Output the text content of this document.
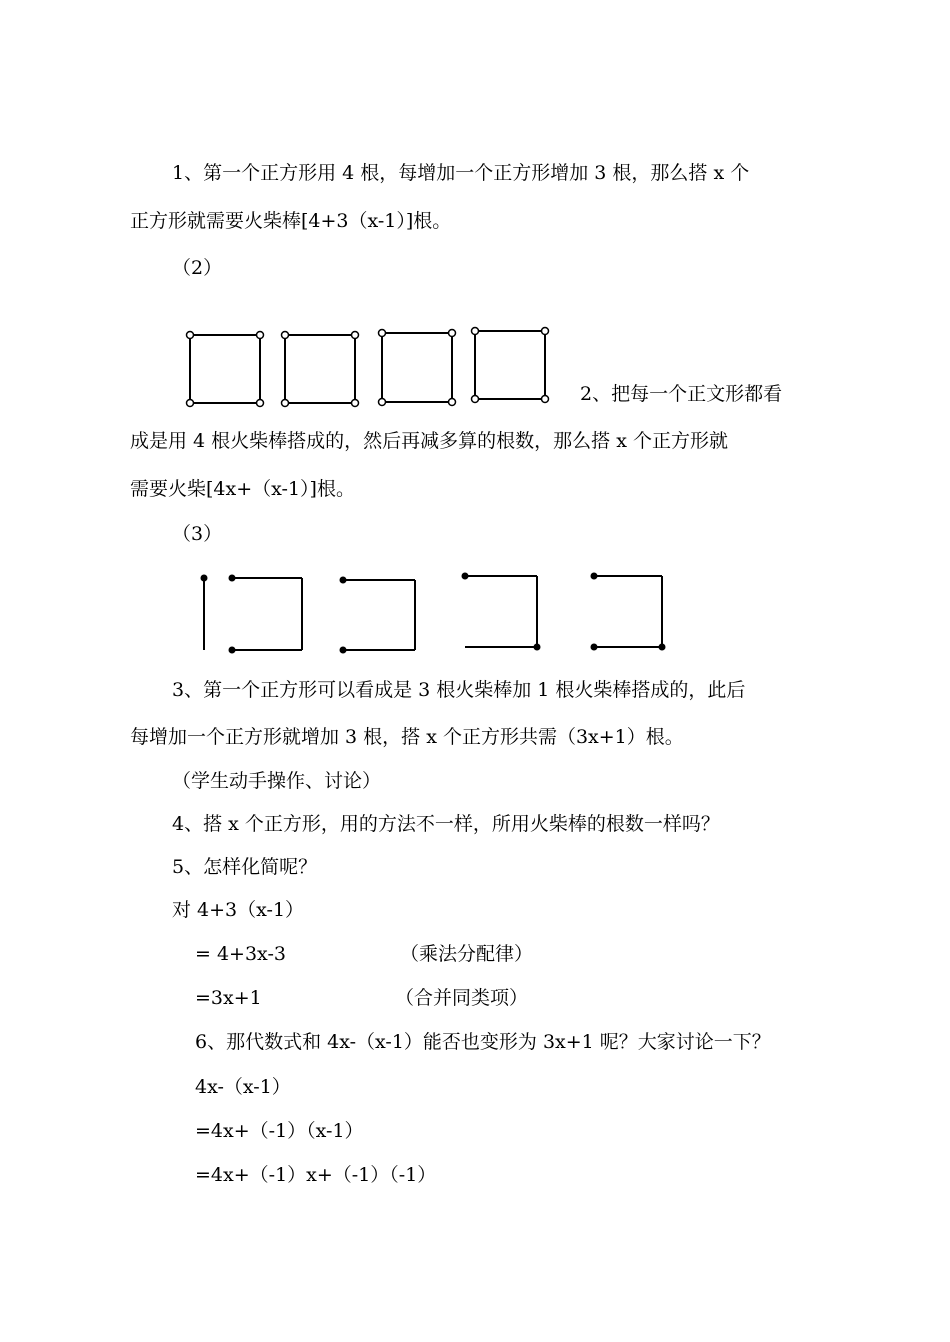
1、第一个正方形用 4 根，每增加一个正方形增加 3 根，那么搭 x 个
正方形就需要火柴棒[4+3（x-1）]根。
（2）
2、把每一个正文形都看
成是用 4 根火柴棒搭成的，然后再减多算的根数，那么搭 x 个正方形就
需要火柴[4x+（x-1）]根。
（3）
3、第一个正方形可以看成是 3 根火柴棒加 1 根火柴棒搭成的，此后
每增加一个正方形就增加 3 根，搭 x 个正方形共需（3x+1）根。
（学生动手操作、讨论）
4、搭 x 个正方形，用的方法不一样，所用火柴棒的根数一样吗？
5、怎样化简呢？
对 4+3（x-1）
= 4+3x-3	（乘法分配律）
=3x+1	（合并同类项）
6、那代数式和 4x-（x-1）能否也变形为 3x+1 呢？大家讨论一下？
4x-（x-1）
=4x+（-1）（x-1）
=4x+（-1）x+（-1）（-1）
